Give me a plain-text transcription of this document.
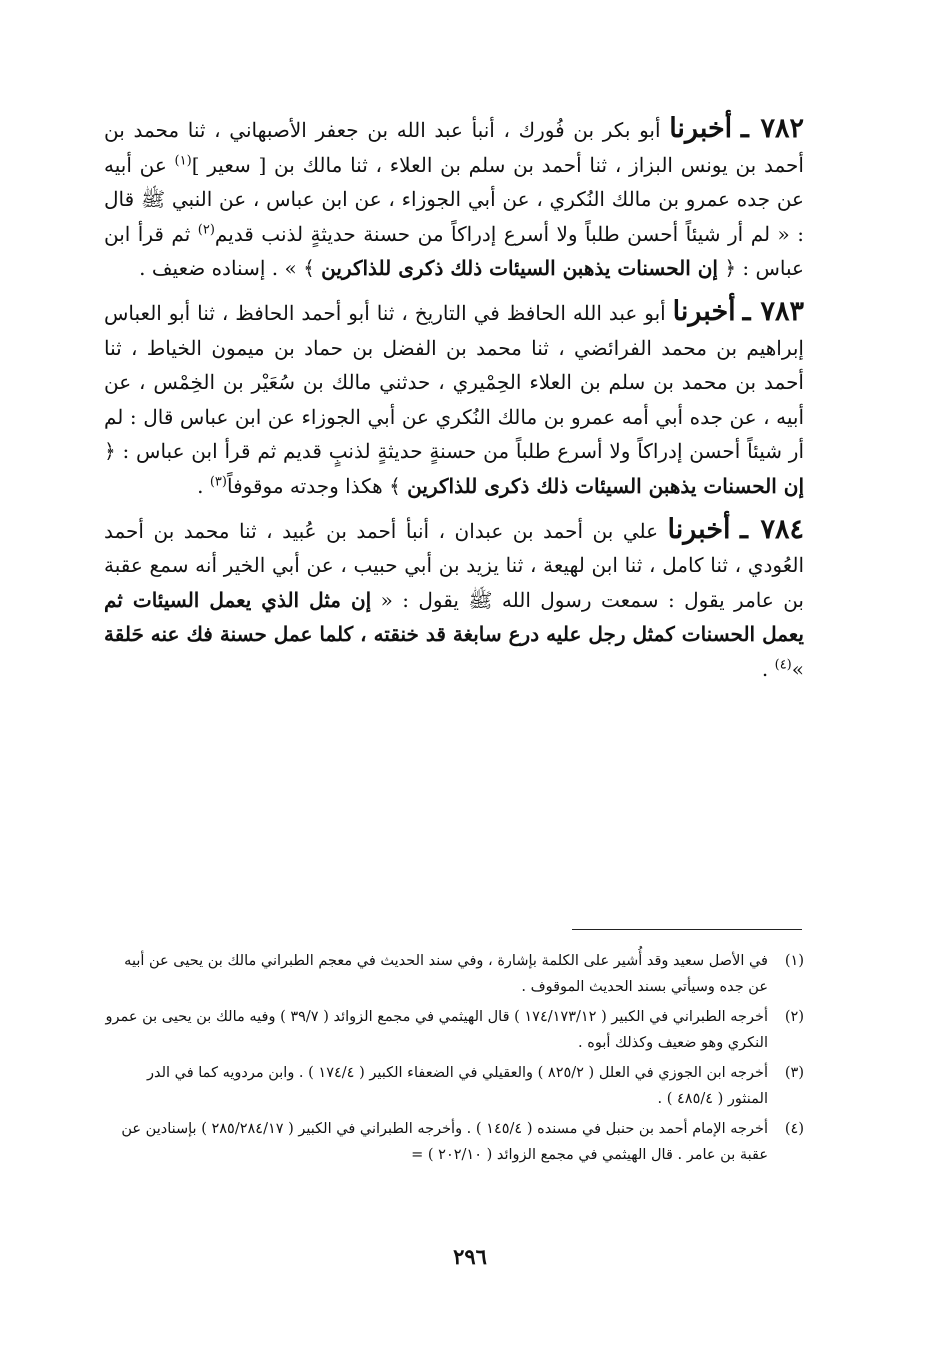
٧٨٢ ـ أخبرنا أبو بكر بن فُورك ، أنبأ عبد الله بن جعفر الأصبهاني ، ثنا محمد بن أحمد بن يونس البزاز ، ثنا أحمد بن سلم بن العلاء ، ثنا مالك بن [ سعير ]$^{(١)}$ عن أبيه عن جده عمرو بن مالك النُكري ، عن أبي الجوزاء ، عن ابن عباس ، عن النبي ﷺ قال : « لم أر شيئاً أحسن طلباً ولا أسرع إدراكاً من حسنة حديثةٍ لذنب قديم$^{(٢)}$ ثم قرأ ابن عباس : ﴿ إن الحسنات يذهبن السيئات ذلك ذكرى للذاكرين ﴾ » . إسناده ضعيف .

٧٨٣ ـ أخبرنا أبو عبد الله الحافظ في التاريخ ، ثنا أبو أحمد الحافظ ، ثنا أبو العباس إبراهيم بن محمد الفرائضي ، ثنا محمد بن الفضل بن حماد بن ميمون الخياط ، ثنا أحمد بن محمد بن سلم بن العلاء الحِمْيري ، حدثني مالك بن سُعَيْر بن الخِمْس ، عن أبيه ، عن جده أبي أمه عمرو بن مالك النُكري عن أبي الجوزاء عن ابن عباس قال : لم أر شيئاً أحسن إدراكاً ولا أسرع طلباً من حسنةٍ حديثةٍ لذنبٍ قديم ثم قرأ ابن عباس : ﴿ إن الحسنات يذهبن السيئات ذلك ذكرى للذاكرين ﴾ هكذا وجدته موقوفاً$^{(٣)}$ .

٧٨٤ ـ أخبرنا علي بن أحمد بن عبدان ، أنبأ أحمد بن عُبيد ، ثنا محمد بن أحمد العُودي ، ثنا كامل ، ثنا ابن لهيعة ، ثنا يزيد بن أبي حبيب ، عن أبي الخير أنه سمع عقبة بن عامر يقول : سمعت رسول الله ﷺ يقول : « إن مثل الذي يعمل السيئات ثم يعمل الحسنات كمثل رجل عليه درع سابغة قد خنقته ، كلما عمل حسنة فك عنه حَلقة »$^{(٤)}$ .

(١)
في الأصل سعيد وقد أُشير على الكلمة بإشارة ، وفي سند الحديث في معجم الطبراني مالك بن يحيى عن أبيه عن جده وسيأتي بسند الحديث الموقوف .

(٢)
أخرجه الطبراني في الكبير ( ١٧٤/١٧٣/١٢ ) قال الهيثمي في مجمع الزوائد ( ٣٩/٧ ) وفيه مالك بن يحيى بن عمرو النكري وهو ضعيف وكذلك أبوه .

(٣)
أخرجه ابن الجوزي في العلل ( ٨٢٥/٢ ) والعقيلي في الضعفاء الكبير ( ١٧٤/٤ ) . وابن مردويه كما في الدر المنثور ( ٤٨٥/٤ ) .

(٤)
أخرجه الإمام أحمد بن حنبل في مسنده ( ١٤٥/٤ ) . وأخرجه الطبراني في الكبير ( ٢٨٥/٢٨٤/١٧ ) بإسنادين عن عقبة بن عامر . قال الهيثمي في مجمع الزوائد ( ٢٠٢/١٠ ) =

٢٩٦
